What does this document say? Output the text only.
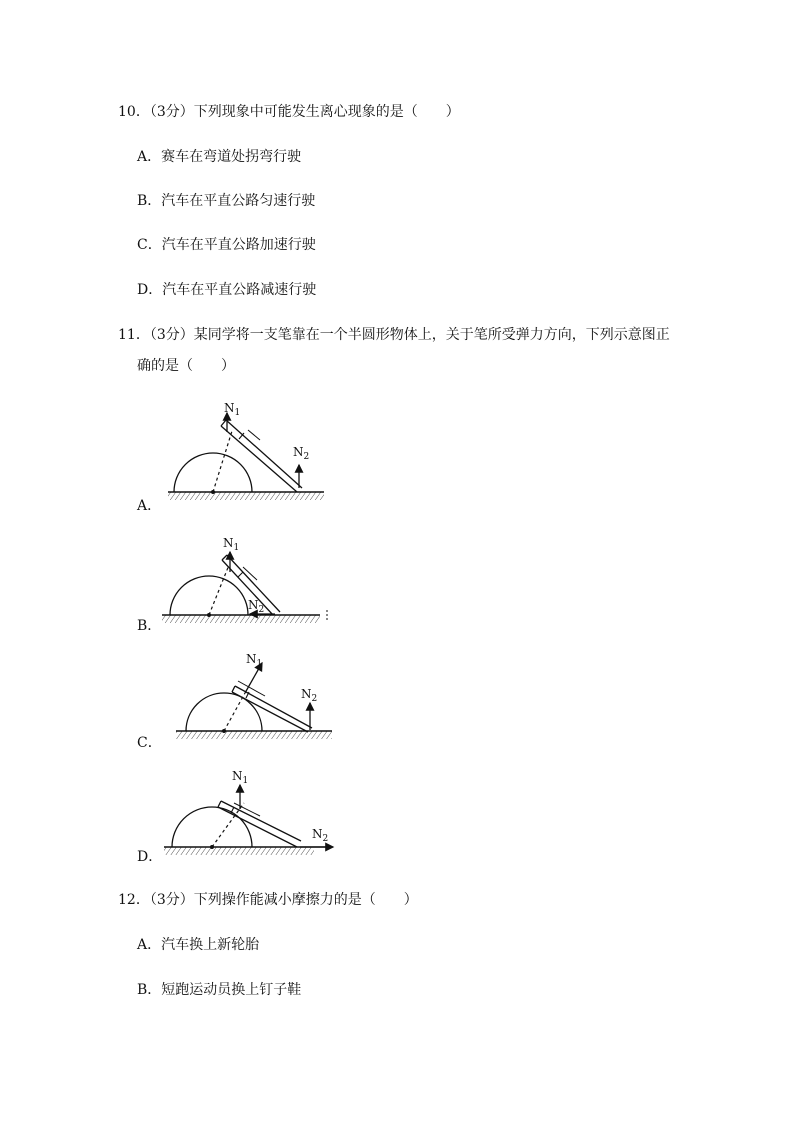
10．（3分）下列现象中可能发生离心现象的是（　　）
A．赛车在弯道处拐弯行驶
B．汽车在平直公路匀速行驶
C．汽车在平直公路加速行驶
D．汽车在平直公路减速行驶
11．（3分）某同学将一支笔靠在一个半圆形物体上，关于笔所受弹力方向，下列示意图正
确的是（　　）
A．
$N_1$
$N_2$
B．
$N_1$
$N_2$
C．
$N_1$
$N_2$
D．
$N_1$
$N_2$
12．（3分）下列操作能减小摩擦力的是（　　）
A．汽车换上新轮胎
B．短跑运动员换上钉子鞋
